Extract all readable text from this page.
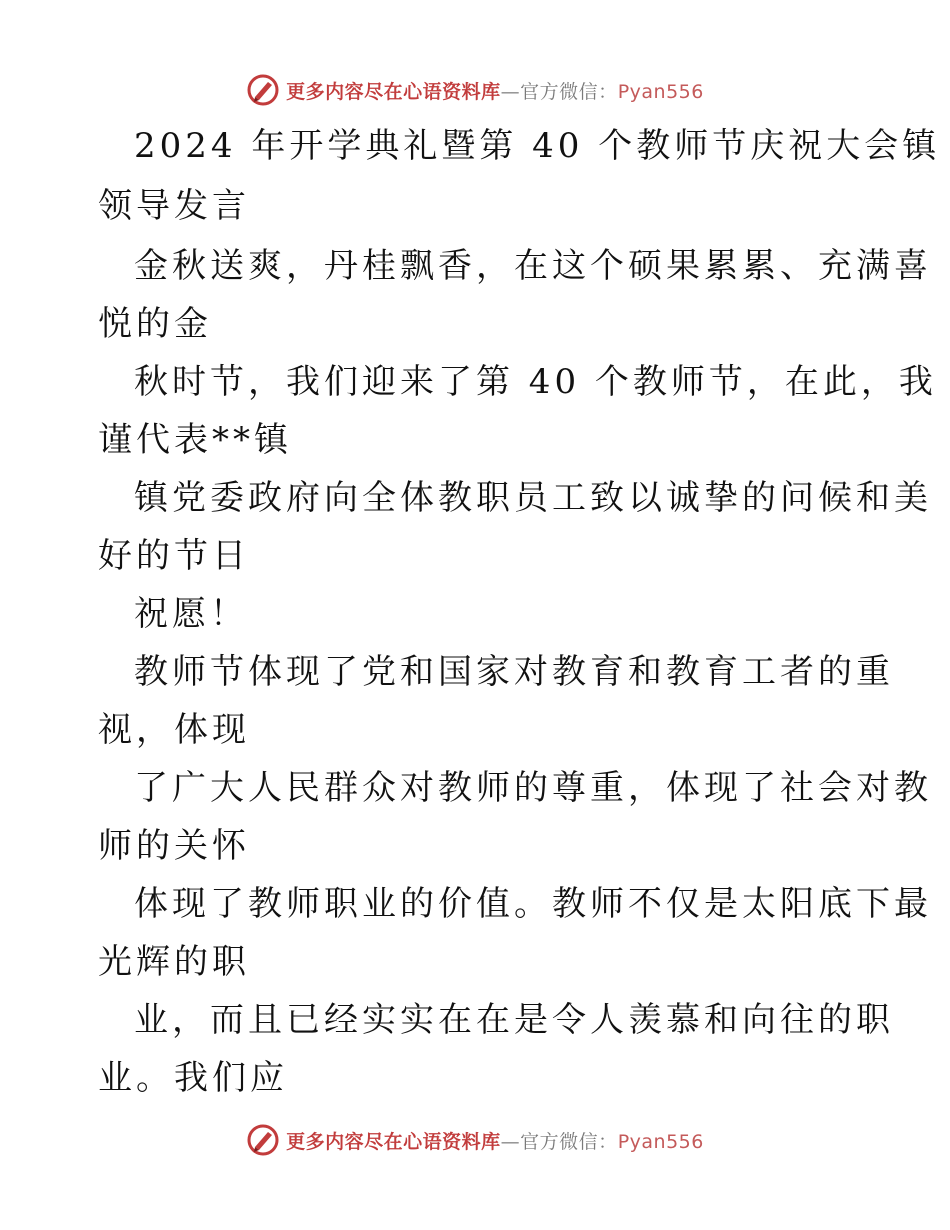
更多内容尽在心语资料库—官方微信：Pyan556
2024 年开学典礼暨第 40 个教师节庆祝大会镇
领导发言
金秋送爽，丹桂飘香，在这个硕果累累、充满喜
悦的金
秋时节，我们迎来了第 40 个教师节，在此，我
谨代表**镇
镇党委政府向全体教职员工致以诚挚的问候和美
好的节日
祝愿！
教师节体现了党和国家对教育和教育工者的重
视，体现
了广大人民群众对教师的尊重，体现了社会对教
师的关怀
体现了教师职业的价值。教师不仅是太阳底下最
光辉的职
业，而且已经实实在在是令人羡慕和向往的职
业。我们应
更多内容尽在心语资料库—官方微信：Pyan556
